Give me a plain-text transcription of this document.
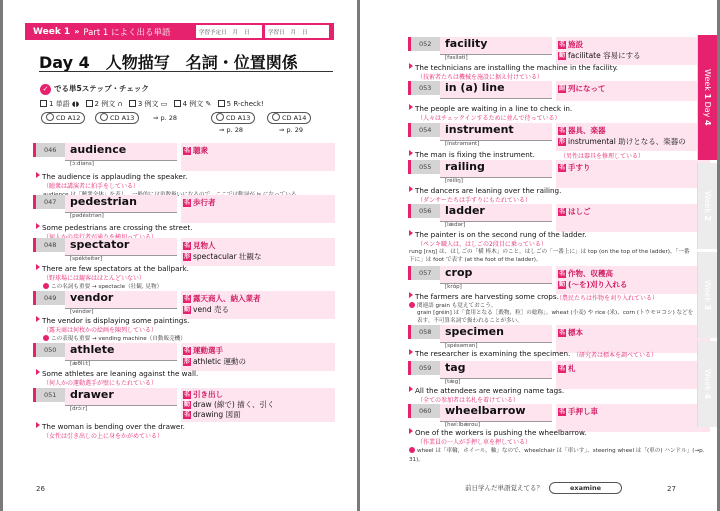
Week 1 » Part 1 によく出る単語	学習予定日 月 日	学習日 月 日
Day 4　人物描写　名詞・位置関係
✓ でる単5ステップ・チェック
1 単語 ◖◗ 2 例文 ∩ 3 例文 ▭ 4 例文 ✎ 5 R-check!
CD A12	CD A13	⇒ p. 28	CD A13	CD A14
⇒ p. 28	⇒ p. 29
046	audience
[ɔ́:diəns]
名 聴衆
The audience is applauding the speaker.
（聴衆は講演者に拍手をしている）
047	pedestrian
[pədéstriən]
名 歩行者
Some pedestrians are crossing the street.
048	spectator
[spékteitər]
名 見物人
形 spectacular 壮観な
There are few spectators at the ballpark.
（野球場には観客はほとんどいない）
この名詞も重要 → spectacle（壮観, 見物）
049	vendor
[véndər]
名 露天商人、納入業者
動 vend 売る
The vendor is displaying some paintings.
（露天商は何枚かの絵画を陳列している）
この表現も重要 → vending machine（自動販売機）
050	athlete
[ǽθli:t]
名 運動選手
形 athletic 運動の
Some athletes are leaning against the wall.
（何人かの運動選手が壁にもたれている）
051	drawer
[drɔ́:r]
名 引き出し
動 draw (線で) 描く、引く
名 drawing 図面
The woman is bending over the drawer.
（女性は引き出しの上に身をかがめている）
26
052	facility
[fəsíləti]
名 施設
動 facilitate 容易にする
The technicians are installing the machine in the facility.
（技術者たちは機械を施設に据え付けている）
053	in (a) line	副 列になって
The people are waiting in a line to check in.
（人々はチェックインするために並んで待っている）
054	instrument
[ínstrəmənt]
名 器具、楽器
形 instrumental 助けとなる、楽器の
The man is fixing the instrument.	（男性は器具を修理している）
055	railing
[réiliŋ]
名 手すり
The dancers are leaning over the railing.
（ダンサーたちは手すりにもたれている）
056	ladder
[lǽdər]
名 はしご
The painter is on the second rung of the ladder.
（ペンキ職人は、はしごの2段目に乗っている）
rung [rʌŋ] は、はしごの「横 棒木」のこと。はしごの「一番上に」は top (on the top of the ladder)、「一番下に」は foot で表す (at the foot of the ladder)。
057	crop
[krɑ́p]
名 作物、収穫高
動 (～を)刈り入れる
The farmers are harvesting some crops.
（農民たちは作物を刈り入れている）
関連語 grain も覚えておこう。
grain [gréin] は「食用となる［穀物，粒］の総称」。wheat (小麦) や rice (米)、corn (トウモロコシ) などを表す。不可算名詞で扱われることが多い。
058	specimen
[spésəmən]
名 標本
The researcher is examining the specimen. （研究者は標本を調べている）
059	tag
[tǽg]
名 札
All the attendees are wearing name tags.
（全ての参加者は名札を着けている）
060	wheelbarrow
[hwí:lbæ̀rou]
名 手押し車
One of the workers is pushing the wheelbarrow.
（作業員の一人が手押し車を押している）
wheel は「車輪，ホイール，軸」なので、wheelchair は「車いす」、steering wheel は「(車の) ハンドル」(→p.
31)。
前日学んだ単語覚えてる？	examine	27
Week 1 Day 4
Week 2
Week 3
Week 4
